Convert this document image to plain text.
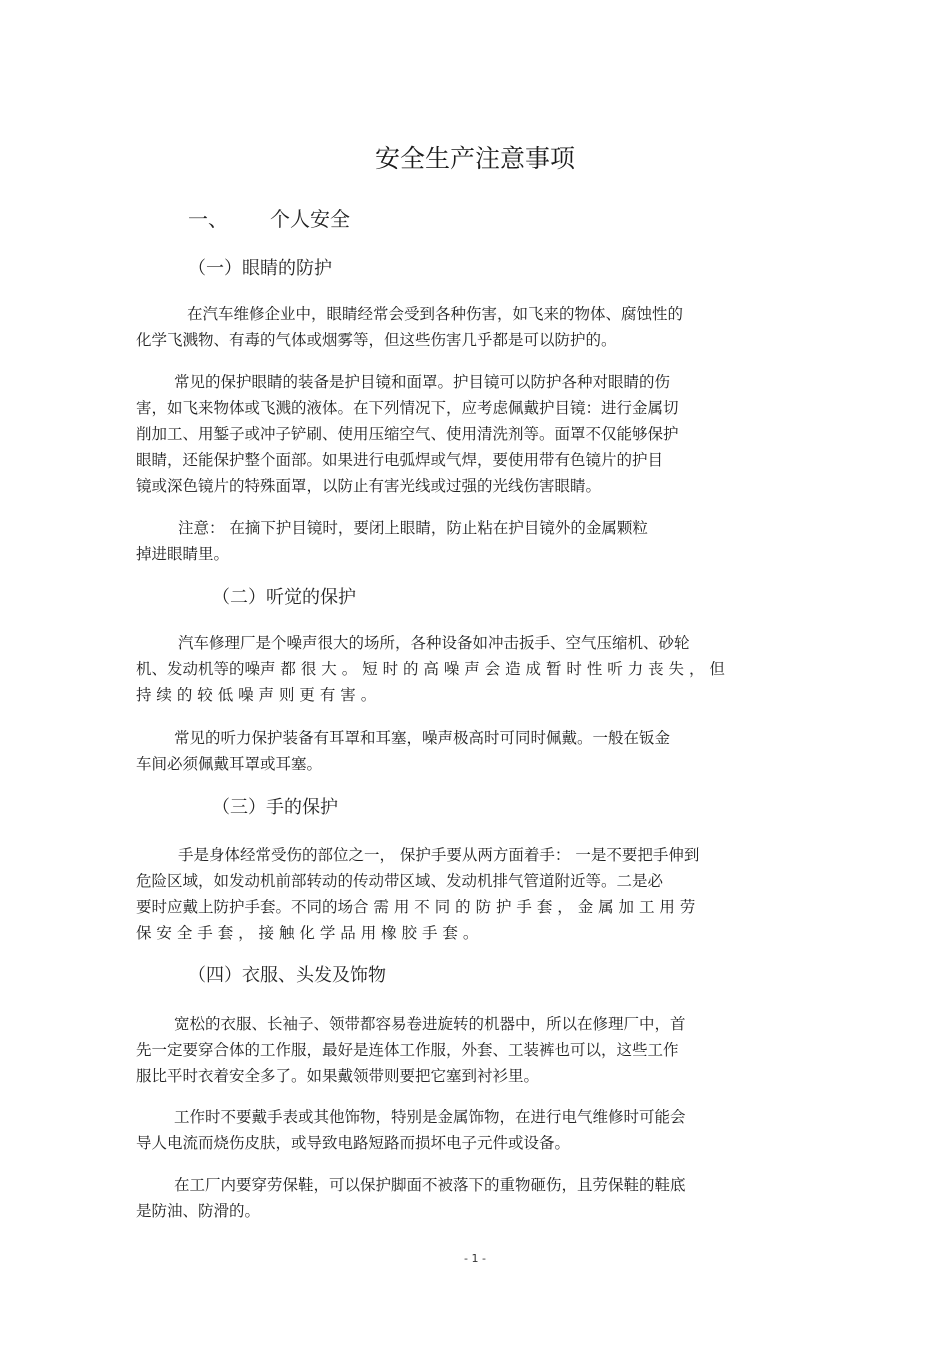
安全生产注意事项
一、 个人安全
（一）眼睛的防护
在汽车维修企业中，眼睛经常会受到各种伤害，如飞来的物体、腐蚀性的
化学飞溅物、有毒的气体或烟雾等，但这些伤害几乎都是可以防护的。
常见的保护眼睛的装备是护目镜和面罩。护目镜可以防护各种对眼睛的伤
害，如飞来物体或飞溅的液体。在下列情况下，应考虑佩戴护目镜：进行金属切
削加工、用錾子或冲子铲刷、使用压缩空气、使用清洗剂等。面罩不仅能够保护
眼睛，还能保护整个面部。如果进行电弧焊或气焊，要使用带有色镜片的护目
镜或深色镜片的特殊面罩，以防止有害光线或过强的光线伤害眼睛。
注意： 在摘下护目镜时，要闭上眼睛，防止粘在护目镜外的金属颗粒
掉进眼睛里。
（二）听觉的保护
汽车修理厂是个噪声很大的场所，各种设备如冲击扳手、空气压缩机、砂轮
机、发动机等的噪声 都 很 大 。 短 时 的 高 噪 声 会 造 成 暂 时 性 听 力 丧 失 ， 但
持 续 的 较 低 噪 声 则 更 有 害 。
常见的听力保护装备有耳罩和耳塞，噪声极高时可同时佩戴。一般在钣金
车间必须佩戴耳罩或耳塞。
（三）手的保护
手是身体经常受伤的部位之一， 保护手要从两方面着手： 一是不要把手伸到
危险区域，如发动机前部转动的传动带区域、发动机排气管道附近等。二是必
要时应戴上防护手套。不同的场合 需 用 不 同 的 防 护 手 套 ， 金 属 加 工 用 劳
保 安 全 手 套 ， 接 触 化 学 品 用 橡 胶 手 套 。
（四）衣服、头发及饰物
宽松的衣服、长袖子、领带都容易卷进旋转的机器中，所以在修理厂中，首
先一定要穿合体的工作服，最好是连体工作服，外套、工装裤也可以，这些工作
服比平时衣着安全多了。如果戴领带则要把它塞到衬衫里。
工作时不要戴手表或其他饰物，特别是金属饰物，在进行电气维修时可能会
导人电流而烧伤皮肤，或导致电路短路而损坏电子元件或设备。
在工厂内要穿劳保鞋，可以保护脚面不被落下的重物砸伤，且劳保鞋的鞋底
是防油、防滑的。
- 1 -
